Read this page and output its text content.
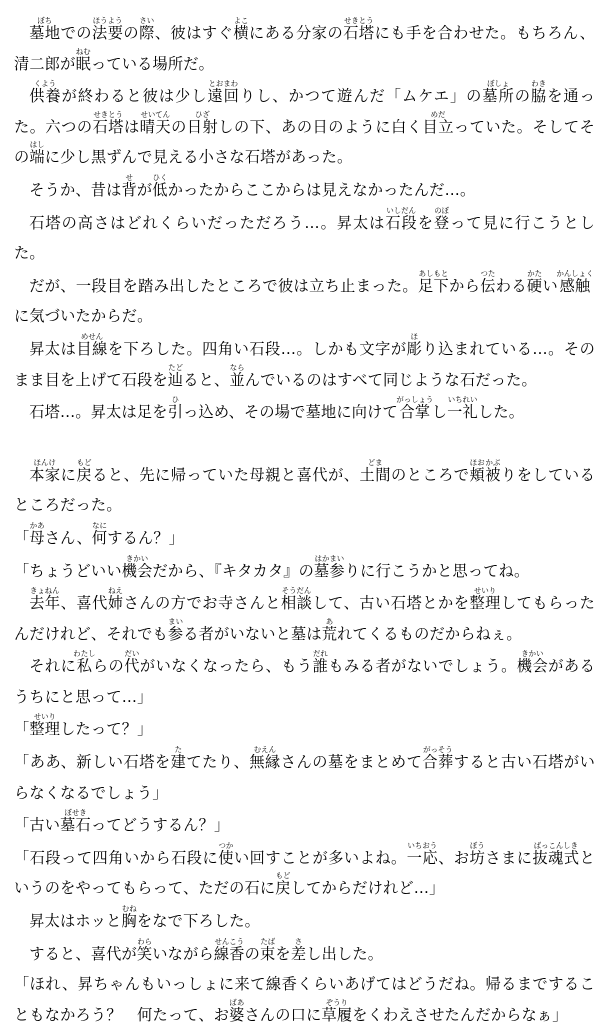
墓地ぼちでの法要ほうようの際さい、彼はすぐ横よこにある分家の石塔せきとうにも手を合わせた。もちろん、清二郎が眠ねむっている場所だ。

供養くようが終わると彼は少し遠回とおまわりし、かつて遊んだ「ムケエ」の墓所ぼしょの脇わきを通った。六つの石塔せきとうは晴天せいてんの日射ひざしの下、あの日のように白く目立めだっていた。そしてその端はしに少し黒ずんで見える小さな石塔があった。

そうか、昔は背せが低ひくかったからここからは見えなかったんだ…。

石塔の高さはどれくらいだっただろう…。昇太は石段いしだんを登のぼって見に行こうとした。

だが、一段目を踏み出したところで彼は立ち止まった。足下あしもとから伝つたわる硬かたい感触かんしょくに気づいたからだ。

昇太は目線めせんを下ろした。四角い石段…。しかも文字が彫ほり込まれている…。そのまま目を上げて石段を辿たどると、並ならんでいるのはすべて同じような石だった。

石塔…。昇太は足を引ひっ込め、その場で墓地に向けて合掌がっしょうし一礼いちれいした。

本家ほんけに戻もどると、先に帰っていた母親と喜代が、土間どまのところで頬ほお被かぶりをしているところだった。

「母かあさん、何なにするん？」

「ちょうどいい機会きかいだから、『キタカタ』の墓参はかまいりに行こうかと思ってね。

去年きょねん、喜代姉ねえさんの方でお寺さんと相談そうだんして、古い石塔とかを整理せいりしてもらったんだけれど、それでも参まいる者がいないと墓は荒あれてくるものだからねぇ。

それに私わたしらの代だいがいなくなったら、もう誰だれもみる者がないでしょう。機会きかいがあるうちにと思って…」

「整理せいりしたって？」

「ああ、新しい石塔を建たてたり、無縁むえんさんの墓をまとめて合葬がっそうすると古い石塔がいらなくなるでしょう」

「古い墓石ぼせきってどうするん？」

「石段って四角いから石段に使つかい回すことが多いよね。一応いちおう、お坊ぼうさまに抜魂式ばっこんしきというのをやってもらって、ただの石に戻もどしてからだけれど…」

昇太はホッと胸むねをなで下ろした。

すると、喜代が笑わらいながら線香せんこうの束たばを差さし出した。

「ほれ、昇ちゃんもいっしょに来て線香くらいあげてはどうだね。帰るまですることもなかろう？　何たって、お婆ばあさんの口に草履ぞうりをくわえさせたんだからなぁ」
